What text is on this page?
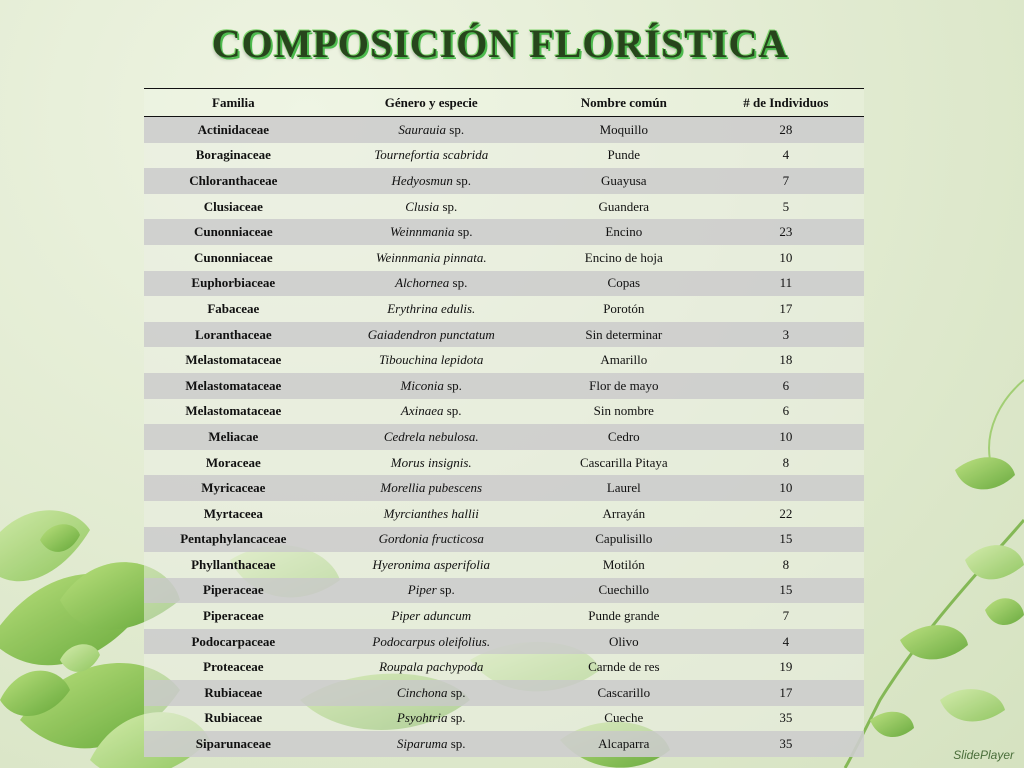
COMPOSICIÓN FLORÍSTICA
Familia	Género y especie	Nombre común	# de Individuos
Actinidaceae	Saurauia sp.	Moquillo	28
Boraginaceae	Tournefortia scabrida	Punde	4
Chloranthaceae	Hedyosmun sp.	Guayusa	7
Clusiaceae	Clusia sp.	Guandera	5
Cunonniaceae	Weinnmania sp.	Encino	23
Cunonniaceae	Weinnmania pinnata.	Encino de hoja	10
Euphorbiaceae	Alchornea sp.	Copas	11
Fabaceae	Erythrina edulis.	Porotón	17
Loranthaceae	Gaiadendron punctatum	Sin determinar	3
Melastomataceae	Tibouchina lepidota	Amarillo	18
Melastomataceae	Miconia sp.	Flor de mayo	6
Melastomataceae	Axinaea sp.	Sin nombre	6
Meliacae	Cedrela nebulosa.	Cedro	10
Moraceae	Morus insignis.	Cascarilla Pitaya	8
Myricaceae	Morellia pubescens	Laurel	10
Myrtaceea	Myrcianthes hallii	Arrayán	22
Pentaphylancaceae	Gordonia fructicosa	Capulisillo	15
Phyllanthaceae	Hyeronima asperifolia	Motilón	8
Piperaceae	Piper sp.	Cuechillo	15
Piperaceae	Piper aduncum	Punde grande	7
Podocarpaceae	Podocarpus oleifolius.	Olivo	4
Proteaceae	Roupala pachypoda	Carnde de res	19
Rubiaceae	Cinchona sp.	Cascarillo	17
Rubiaceae	Psyohtria sp.	Cueche	35
Siparunaceae	Siparuma sp.	Alcaparra	35
SlidePlayer
